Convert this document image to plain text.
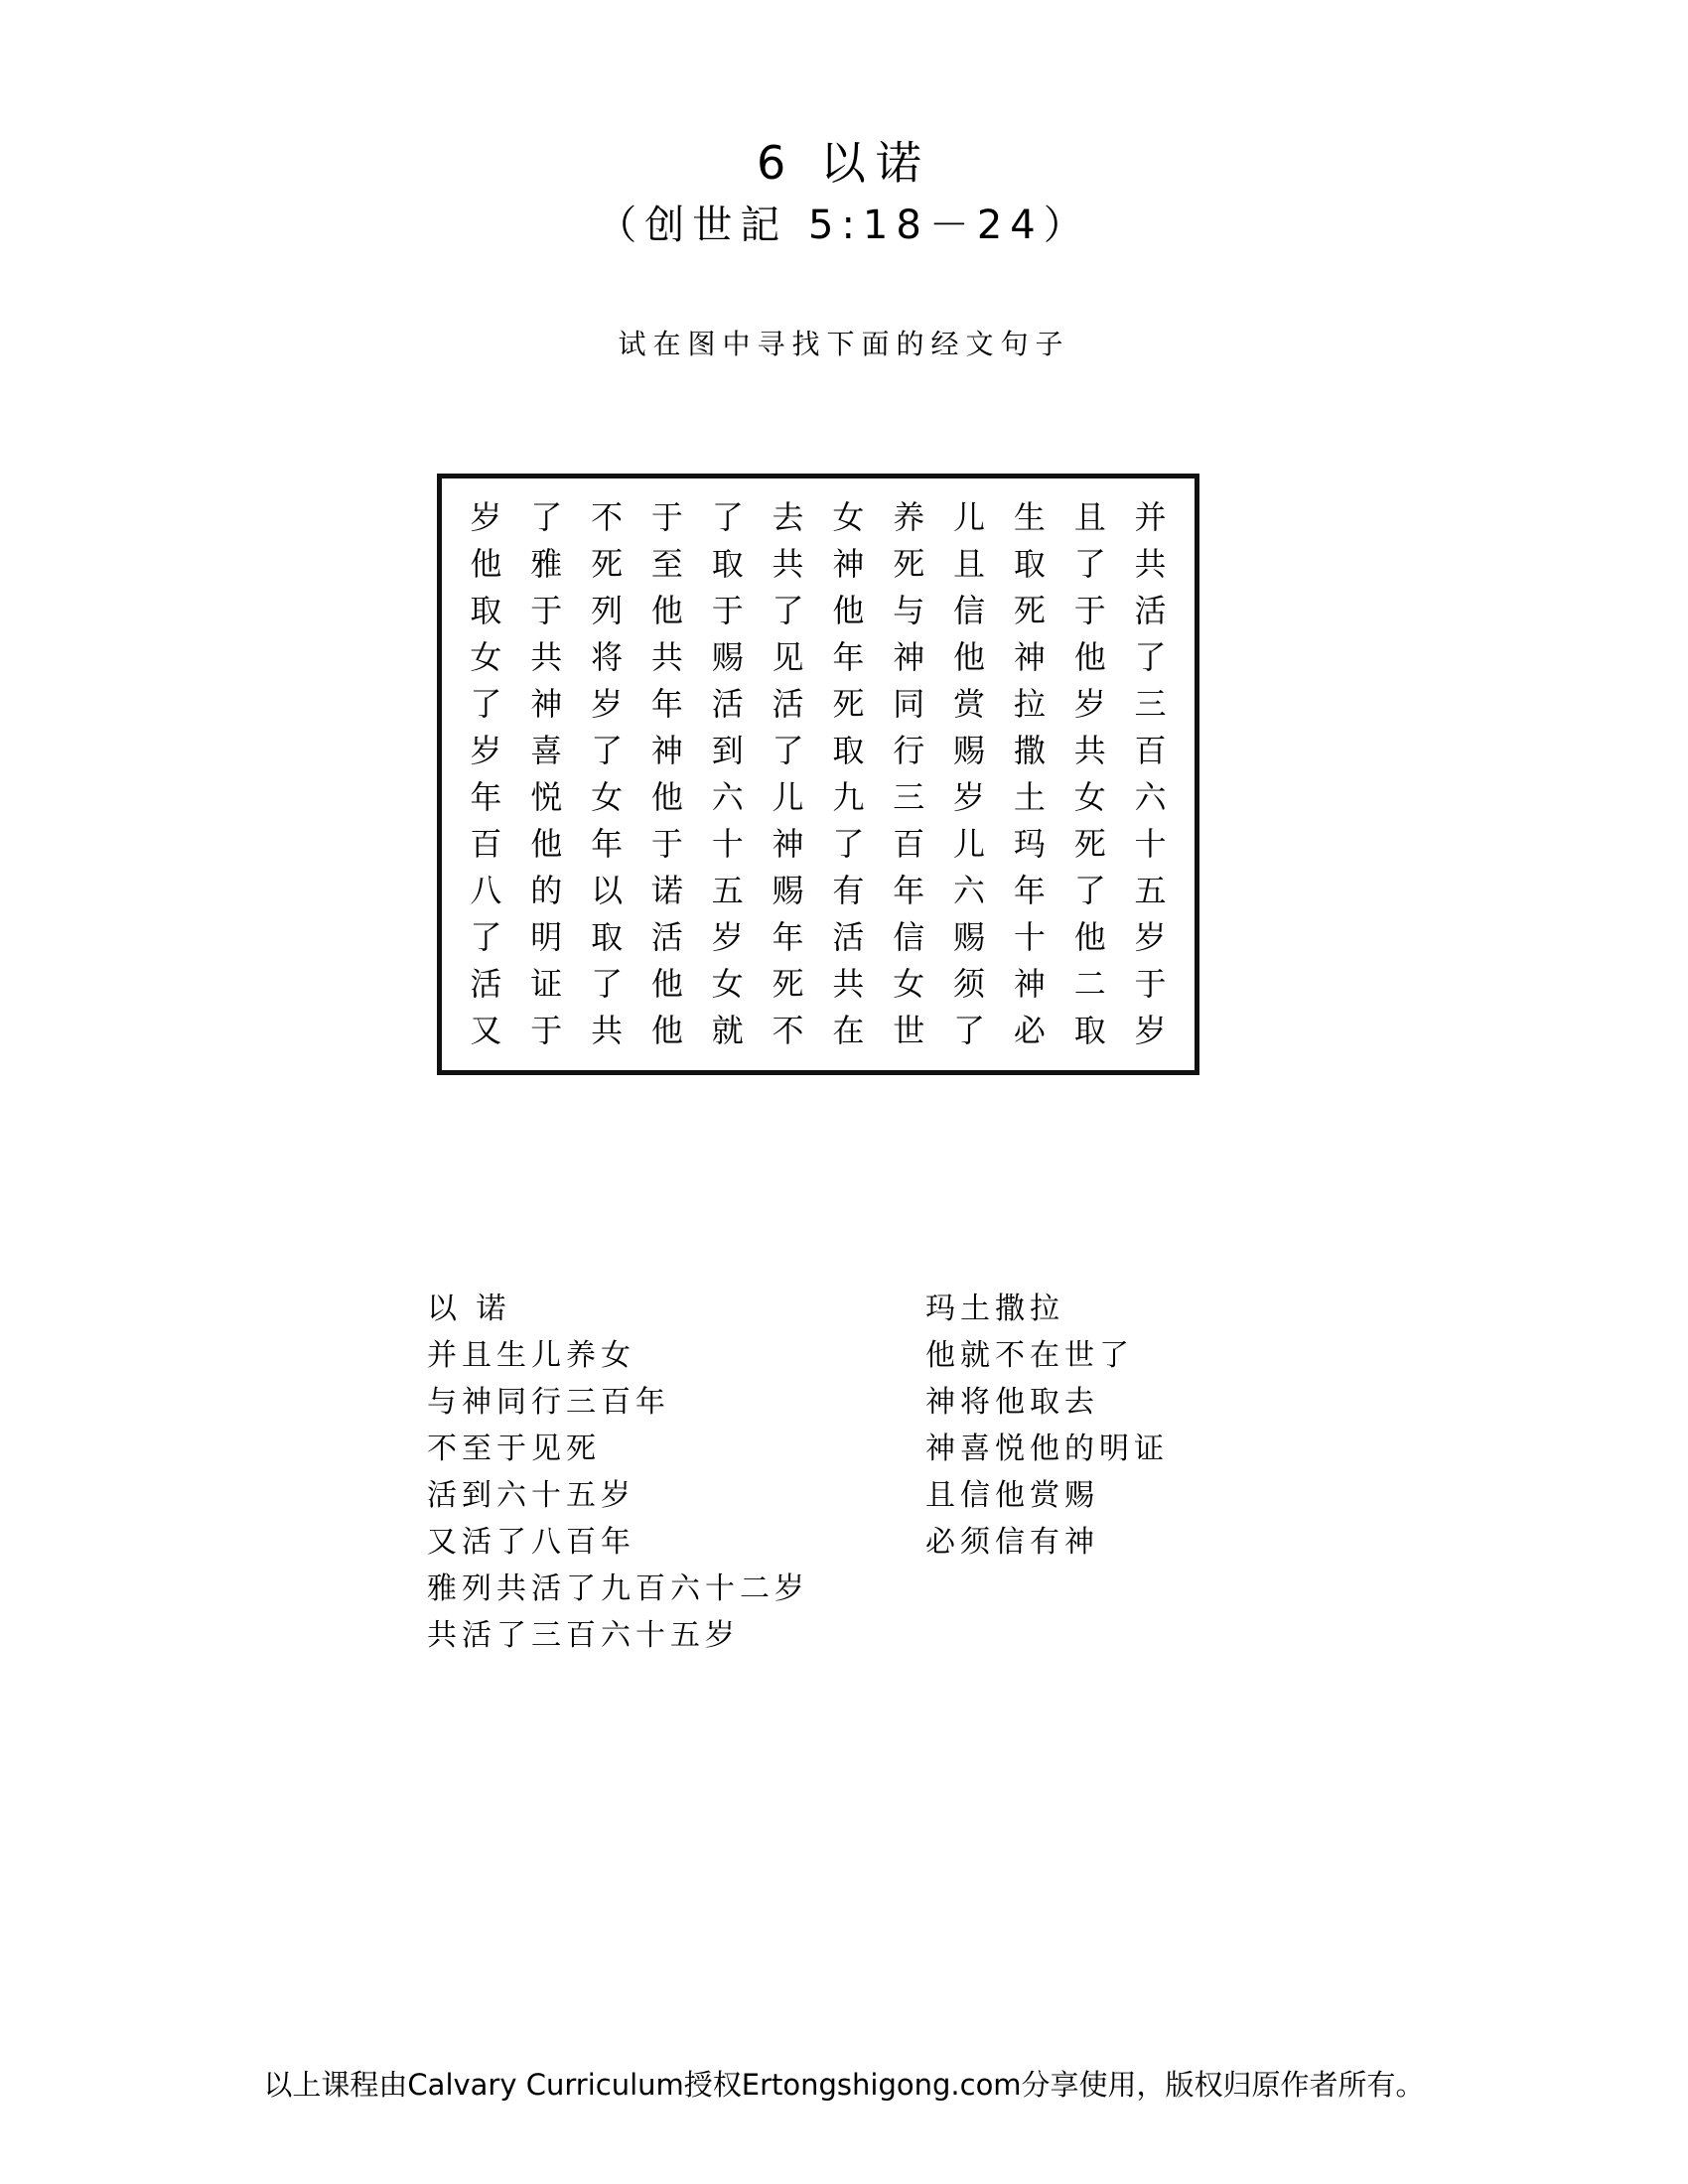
6 以诺
（创世記 5:18－24）
试在图中寻找下面的经文句子
岁 了 不 于 了 去 女 养 儿 生 且 并
他 雅 死 至 取 共 神 死 且 取 了 共
取 于 列 他 于 了 他 与 信 死 于 活
女 共 将 共 赐 见 年 神 他 神 他 了
了 神 岁 年 活 活 死 同 赏 拉 岁 三
岁 喜 了 神 到 了 取 行 赐 撒 共 百
年 悦 女 他 六 儿 九 三 岁 土 女 六
百 他 年 于 十 神 了 百 儿 玛 死 十
八 的 以 诺 五 赐 有 年 六 年 了 五
了 明 取 活 岁 年 活 信 赐 十 他 岁
活 证 了 他 女 死 共 女 须 神 二 于
又 于 共 他 就 不 在 世 了 必 取 岁
以 诺
并且生儿养女
与神同行三百年
不至于见死
活到六十五岁
又活了八百年
雅列共活了九百六十二岁
共活了三百六十五岁
玛土撒拉
他就不在世了
神将他取去
神喜悦他的明证
且信他赏赐
必须信有神
以上课程由Calvary Curriculum授权Ertongshigong.com分享使用，版权归原作者所有。
